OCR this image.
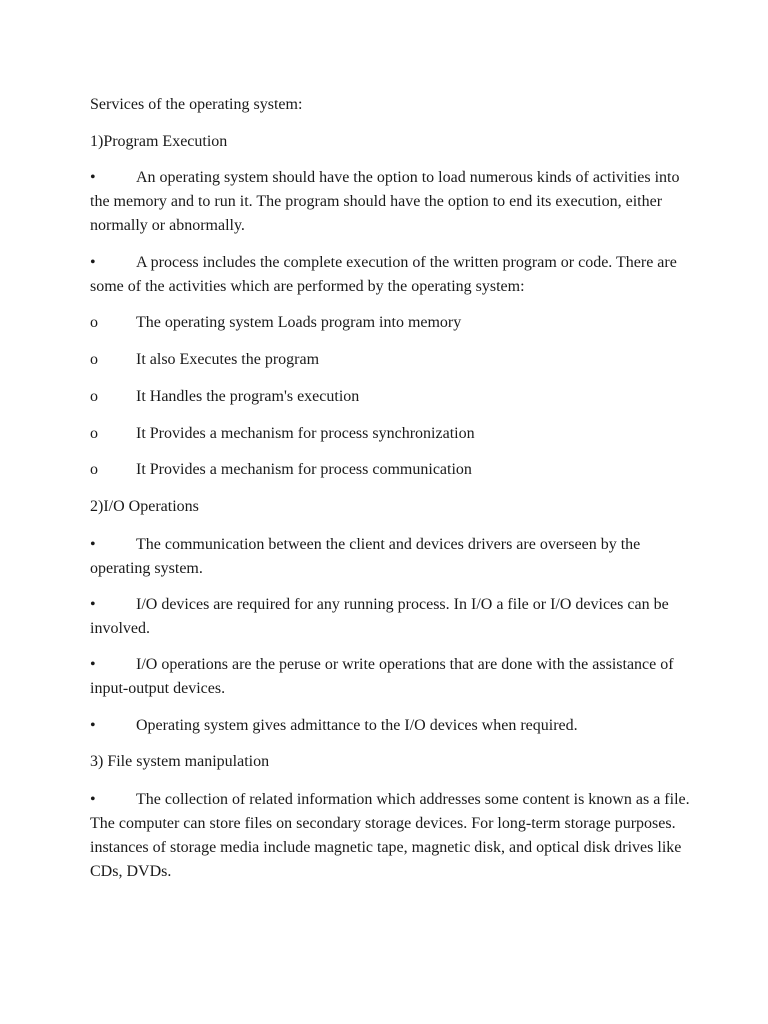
Services of the operating system:

1)Program Execution

•	An operating system should have the option to load numerous kinds of activities into the memory and to run it. The program should have the option to end its execution, either normally or abnormally.

•	A process includes the complete execution of the written program or code. There are some of the activities which are performed by the operating system:

o The operating system Loads program into memory

o It also Executes the program

o It Handles the program's execution

o It Provides a mechanism for process synchronization

o It Provides a mechanism for process communication

2)I/O Operations

•	The communication between the client and devices drivers are overseen by the operating system.

•	I/O devices are required for any running process. In I/O a file or I/O devices can be involved.

•	I/O operations are the peruse or write operations that are done with the assistance of input-output devices.

•	Operating system gives admittance to the I/O devices when required.

3) File system manipulation

•	The collection of related information which addresses some content is known as a file. The computer can store files on secondary storage devices. For long-term storage purposes. instances of storage media include magnetic tape, magnetic disk, and optical disk drives like CDs, DVDs.
